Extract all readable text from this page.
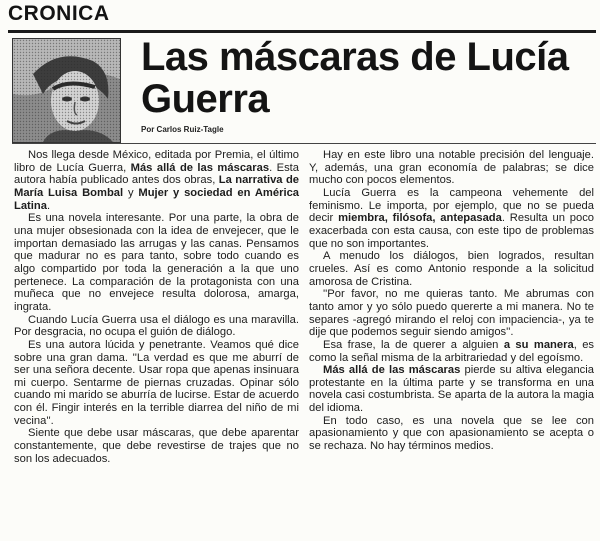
CRONICA
Las máscaras de Lucía Guerra
Por Carlos Ruiz-Tagle

Nos llega desde México, editada por Premia, el último libro de Lucía Guerra, Más allá de las máscaras. Esta autora había publicado antes dos obras, La narrativa de María Luisa Bombal y Mujer y sociedad en América Latina.

Es una novela interesante. Por una parte, la obra de una mujer obsesionada con la idea de envejecer, que le importan demasiado las arrugas y las canas. Pensamos que madurar no es para tanto, sobre todo cuando es algo compartido por toda la generación a la que uno pertenece. La comparación de la protagonista con una muñeca que no envejece resulta dolorosa, amarga, ingrata.

Cuando Lucía Guerra usa el diálogo es una maravilla. Por desgracia, no ocupa el guión de diálogo.

Es una autora lúcida y penetrante. Veamos qué dice sobre una gran dama. ''La verdad es que me aburrí de ser una señora decente. Usar ropa que apenas insinuara mi cuerpo. Sentarme de piernas cruzadas. Opinar sólo cuando mi marido se aburría de lucirse. Estar de acuerdo con él. Fingir interés en la terrible diarrea del niño de mi vecina''.

Siente que debe usar máscaras, que debe aparentar constantemente, que debe revestirse de trajes que no son los adecuados.

Hay en este libro una notable precisión del lenguaje. Y, además, una gran economía de palabras; se dice mucho con pocos elementos.

Lucía Guerra es la campeona vehemente del feminismo. Le importa, por ejemplo, que no se pueda decir miembra, filósofa, antepasada. Resulta un poco exacerbada con esta causa, con este tipo de problemas que no son importantes.

A menudo los diálogos, bien logrados, resultan crueles. Así es como Antonio responde a la solicitud amorosa de Cristina.

''Por favor, no me quieras tanto. Me abrumas con tanto amor y yo sólo puedo quererte a mi manera. No te separes -agregó mirando el reloj con impaciencia-, ya te dije que podemos seguir siendo amigos''.

Esa frase, la de querer a alguien a su manera, es como la señal misma de la arbitrariedad y del egoísmo.

Más allá de las máscaras pierde su altiva elegancia protestante en la última parte y se transforma en una novela casi costumbrista. Se aparta de la autora la magia del idioma.

En todo caso, es una novela que se lee con apasionamiento y que con apasionamiento se acepta o se rechaza. No hay términos medios.
